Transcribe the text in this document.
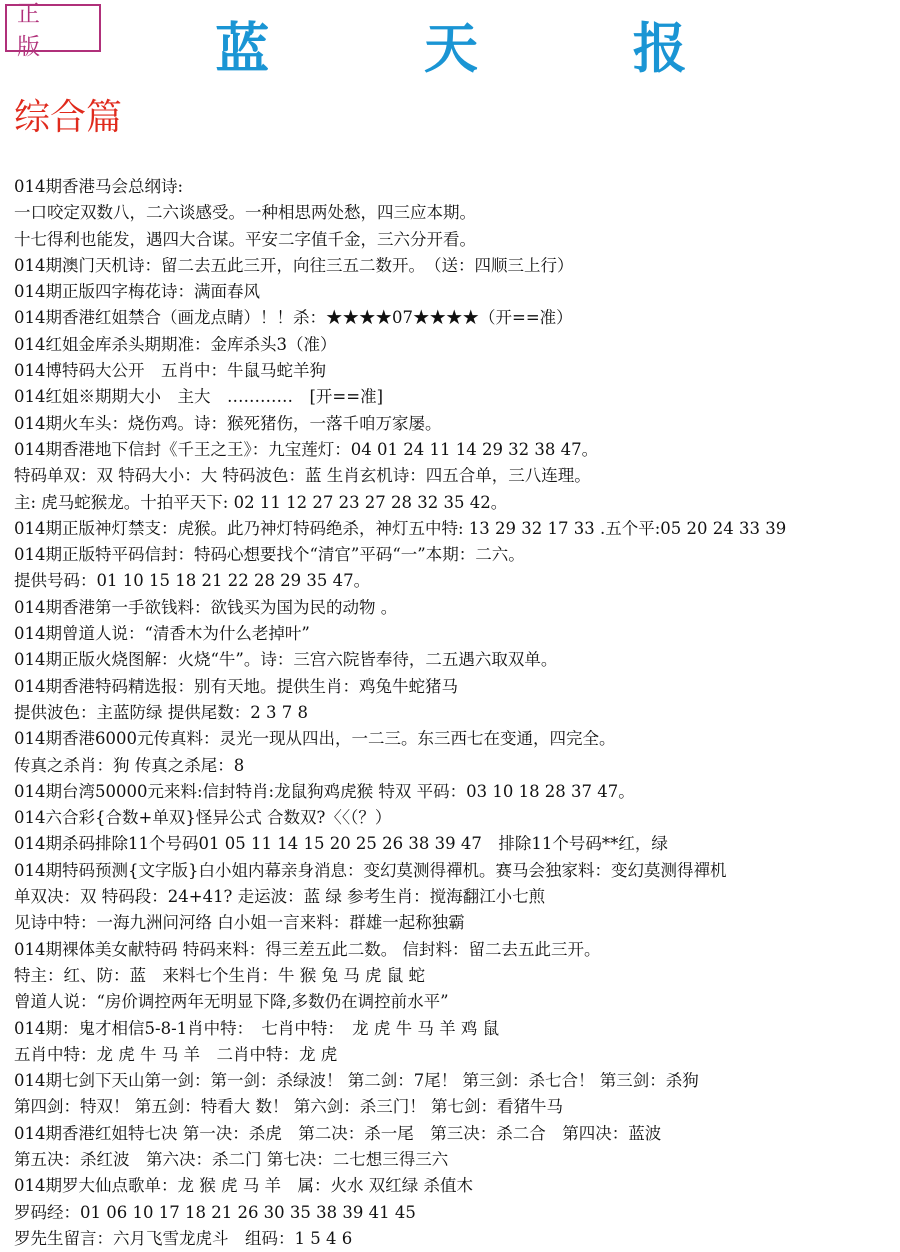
正 版	蓝 天 报
综合篇
014期香港马会总纲诗:
一口咬定双数八，二六谈感受。一种相思两处愁，四三应本期。
十七得利也能发，遇四大合谋。平安二字值千金，三六分开看。
014期澳门天机诗：留二去五此三开，向往三五二数开。　（送：四顺三上行）
014期正版四字梅花诗：满面春风
014期香港红姐禁合（画龙点睛）！！杀：★★★★07★★★★（开==准）
014红姐金库杀头期期准：金库杀头3（准）
014博特码大公开　五肖中：牛鼠马蛇羊狗
014红姐※期期大小　主大　…………　[开==准]
014期火车头：烧伤鸡。诗：猴死猪伤，一落千咱万家屡。
014期香港地下信封《千王之王》：九宝莲灯：04 01 24 11 14 29 32 38 47。
特码单双：双 特码大小：大 特码波色：蓝 生肖玄机诗：四五合单，三八连理。
主: 虎马蛇猴龙。十拍平天下: 02 11 12 27 23 27 28 32 35 42。
014期正版神灯禁支：虎猴。此乃神灯特码绝杀，神灯五中特: 13 29 32 17 33 .五个平:05 20 24 33 39
014期正版特平码信封：特码心想要找个“清官”平码“一”本期：二六。
提供号码：01 10 15 18 21 22 28 29 35 47。
014期香港第一手欲钱料：欲钱买为国为民的动物 。
014期曾道人说：“清香木为什么老掉叶”
014期正版火烧图解：火烧“牛”。诗：三宫六院皆奉待，二五遇六取双单。
014期香港特码精选报：别有天地。提供生肖：鸡兔牛蛇猪马
提供波色：主蓝防绿 提供尾数：2 3 7 8
014期香港6000元传真料：灵光一现从四出，一二三。东三西七在变通，四完全。
传真之杀肖：狗 传真之杀尾：8
014期台湾50000元来料:信封特肖:龙鼠狗鸡虎猴 特双 平码：03 10 18 28 37 47。
014六合彩{合数+单双}怪异公式 合数双?〈〈（？）
014期杀码排除11个号码01 05 11 14 15 20 25 26 38 39 47　排除11个号码**红，绿
014期特码预测{文字版}白小姐内幕亲身消息：变幻莫测得禪机。赛马会独家料：变幻莫测得禪机
单双决：双 特码段：24+41? 走运波：蓝 绿 参考生肖：搅海翻江小七煎
见诗中特：一海九洲问河络 白小姐一言来料：群雄一起称独霸
014期裸体美女献特码 特码来料：得三差五此二数。 信封料：留二去五此三开。
特主：红、防：蓝　来料七个生肖：牛 猴 兔 马 虎 鼠 蛇
曾道人说：“房价调控两年无明显下降,多数仍在调控前水平”
014期：鬼才相信5-8-1肖中特：　七肖中特：　龙 虎 牛 马 羊 鸡 鼠
五肖中特：龙 虎 牛 马 羊　二肖中特：龙 虎
014期七剑下天山第一剑：第一剑：杀绿波！ 第二剑：7尾！ 第三剑：杀七合！ 第三剑：杀狗
第四剑：特双！ 第五剑：特看大 数！ 第六剑：杀三门！ 第七剑：看猪牛马
014期香港红姐特七决 第一决：杀虎　第二决：杀一尾　第三决：杀二合　第四决：蓝波
第五决：杀红波　第六决：杀二门 第七决：二七想三得三六
014期罗大仙点歌单：龙 猴 虎 马 羊　属：火水 双红绿 杀值木
罗码经：01 06 10 17 18 21 26 30 35 38 39 41 45
罗先生留言：六月飞雪龙虎斗　组码：1 5 4 6
